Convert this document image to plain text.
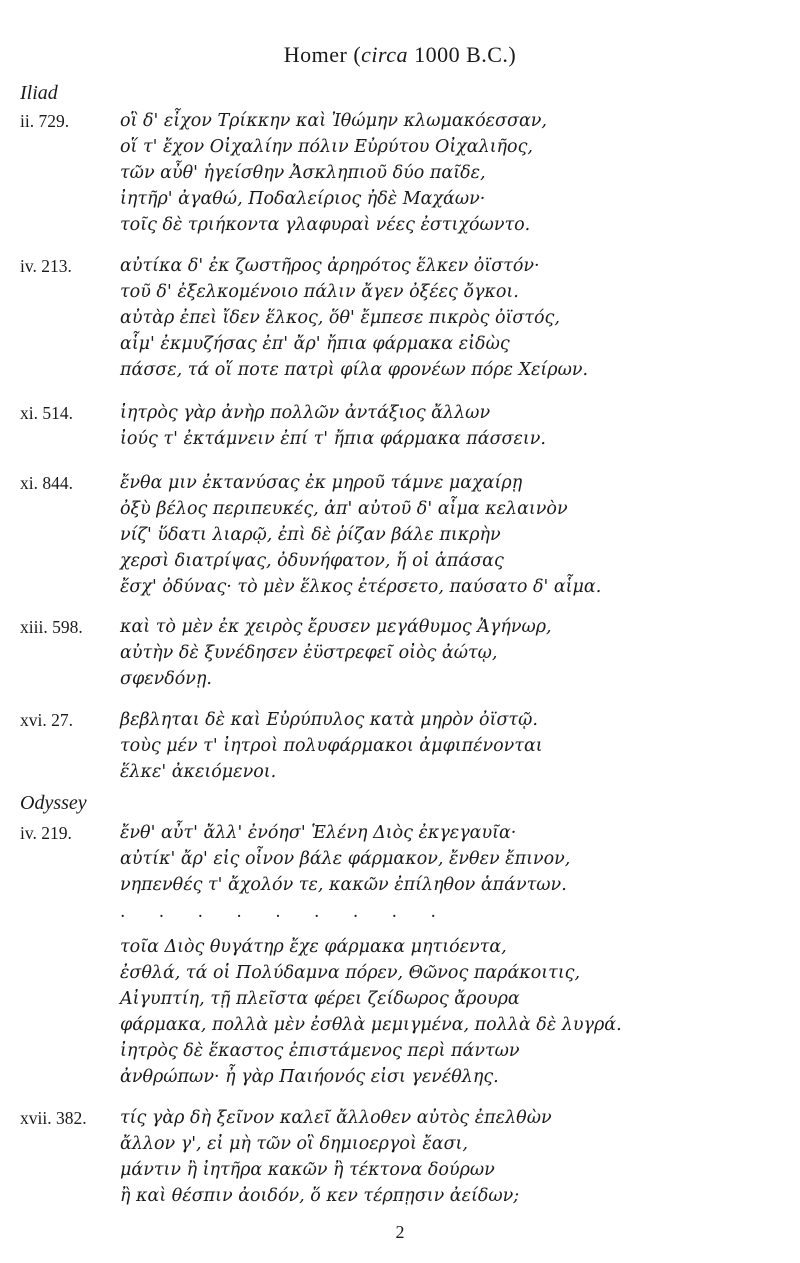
Homer (circa 1000 B.C.)
Iliad
ii. 729.	οἳ δ' εἶχον Τρίκκην καὶ Ἰθώμην κλωμακόεσσαν,
οἵ τ' ἔχον Οἰχαλίην πόλιν Εὐρύτου Οἰχαλιῆος,
τῶν αὖθ' ἡγείσθην Ἀσκληπιοῦ δύο παῖδε,
ἰητῆρ' ἀγαθώ, Ποδαλείριος ἠδὲ Μαχάων·
τοῖς δὲ τριήκοντα γλαφυραὶ νέες ἐστιχόωντο.
iv. 213.	αὐτίκα δ' ἐκ ζωστῆρος ἀρηρότος ἕλκεν ὀϊστόν·
τοῦ δ' ἐξελκομένοιο πάλιν ἄγεν ὀξέες ὄγκοι.
αὐτὰρ ἐπεὶ ἴδεν ἕλκος, ὅθ' ἔμπεσε πικρὸς ὀϊστός,
αἷμ' ἐκμυζήσας ἐπ' ἄρ' ἤπια φάρμακα εἰδὼς
πάσσε, τά οἵ ποτε πατρὶ φίλα φρονέων πόρε Χείρων.
xi. 514.	ἰητρὸς γὰρ ἀνὴρ πολλῶν ἀντάξιος ἄλλων
ἰούς τ' ἐκτάμνειν ἐπί τ' ἤπια φάρμακα πάσσειν.
xi. 844.	ἔνθα μιν ἐκτανύσας ἐκ μηροῦ τάμνε μαχαίρῃ
ὀξὺ βέλος περιπευκές, ἀπ' αὐτοῦ δ' αἷμα κελαινὸν
νίζ' ὕδατι λιαρῷ, ἐπὶ δὲ ῥίζαν βάλε πικρὴν
χερσὶ διατρίψας, ὀδυνήφατον, ἥ οἱ ἁπάσας
ἔσχ' ὀδύνας· τὸ μὲν ἕλκος ἐτέρσετο, παύσατο δ' αἷμα.
xiii. 598.	καὶ τὸ μὲν ἐκ χειρὸς ἔρυσεν μεγάθυμος Ἀγήνωρ,
αὐτὴν δὲ ξυνέδησεν ἐϋστρεφεῖ οἰὸς ἀώτῳ,
σφενδόνῃ.
xvi. 27.	βεβληται δὲ καὶ Εὐρύπυλος κατὰ μηρὸν ὀϊστῷ.
τοὺς μέν τ' ἰητροὶ πολυφάρμακοι ἀμφιπένονται
ἕλκε' ἀκειόμενοι.
Odyssey
iv. 219.	ἔνθ' αὖτ' ἄλλ' ἐνόησ' Ἑλένη Διὸς ἐκγεγαυῖα·
αὐτίκ' ἄρ' εἰς οἶνον βάλε φάρμακον, ἔνθεν ἔπινον,
νηπενθές τ' ἄχολόν τε, κακῶν ἐπίληθον ἁπάντων.
. . . . . . . . .
τοῖα Διὸς θυγάτηρ ἔχε φάρμακα μητιόεντα,
ἐσθλά, τά οἱ Πολύδαμνα πόρεν, Θῶνος παράκοιτις,
Αἰγυπτίη, τῇ πλεῖστα φέρει ζείδωρος ἄρουρα
φάρμακα, πολλὰ μὲν ἐσθλὰ μεμιγμένα, πολλὰ δὲ λυγρά.
ἰητρὸς δὲ ἕκαστος ἐπιστάμενος περὶ πάντων
ἀνθρώπων· ἦ γὰρ Παιήονός εἰσι γενέθλης.
xvii. 382.	τίς γὰρ δὴ ξεῖνον καλεῖ ἄλλοθεν αὐτὸς ἐπελθὼν
ἄλλον γ', εἰ μὴ τῶν οἳ δημιοεργοὶ ἔασι,
μάντιν ἢ ἰητῆρα κακῶν ἢ τέκτονα δούρων
ἢ καὶ θέσπιν ἀοιδόν, ὅ κεν τέρπῃσιν ἀείδων;
2
